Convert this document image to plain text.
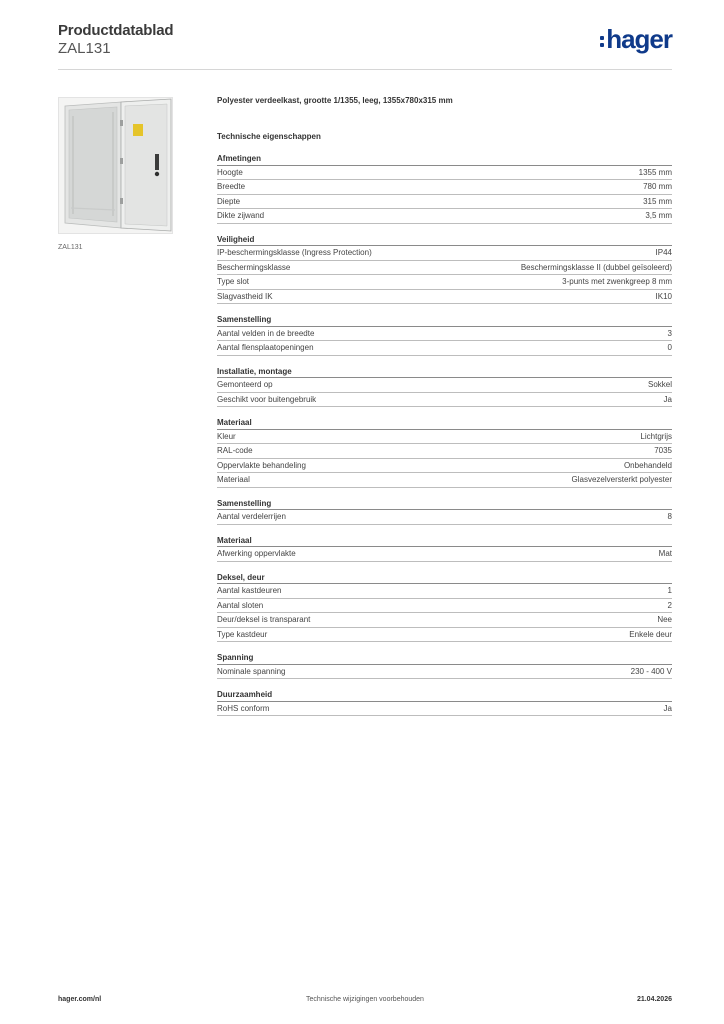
Productdatablad
ZAL131	hager
ZAL131
Polyester verdeelkast, grootte 1/1355, leeg, 1355x780x315 mm
Technische eigenschappen
Afmetingen
Hoogte	1355 mm
Breedte	780 mm
Diepte	315 mm
Dikte zijwand	3,5 mm
Veiligheid
IP-beschermingsklasse (Ingress Protection)	IP44
Beschermingsklasse	Beschermingsklasse II (dubbel geïsoleerd)
Type slot	3-punts met zwenkgreep 8 mm
Slagvastheid IK	IK10
Samenstelling
Aantal velden in de breedte	3
Aantal flensplaatopeningen	0
Installatie, montage
Gemonteerd op	Sokkel
Geschikt voor buitengebruik	Ja
Materiaal
Kleur	Lichtgrijs
RAL-code	7035
Oppervlakte behandeling	Onbehandeld
Materiaal	Glasvezelversterkt polyester
Samenstelling
Aantal verdelerrijen	8
Materiaal
Afwerking oppervlakte	Mat
Deksel, deur
Aantal kastdeuren	1
Aantal sloten	2
Deur/deksel is transparant	Nee
Type kastdeur	Enkele deur
Spanning
Nominale spanning	230 - 400 V
Duurzaamheid
RoHS conform	Ja
hager.com/nl	Technische wijzigingen voorbehouden	21.04.2026
